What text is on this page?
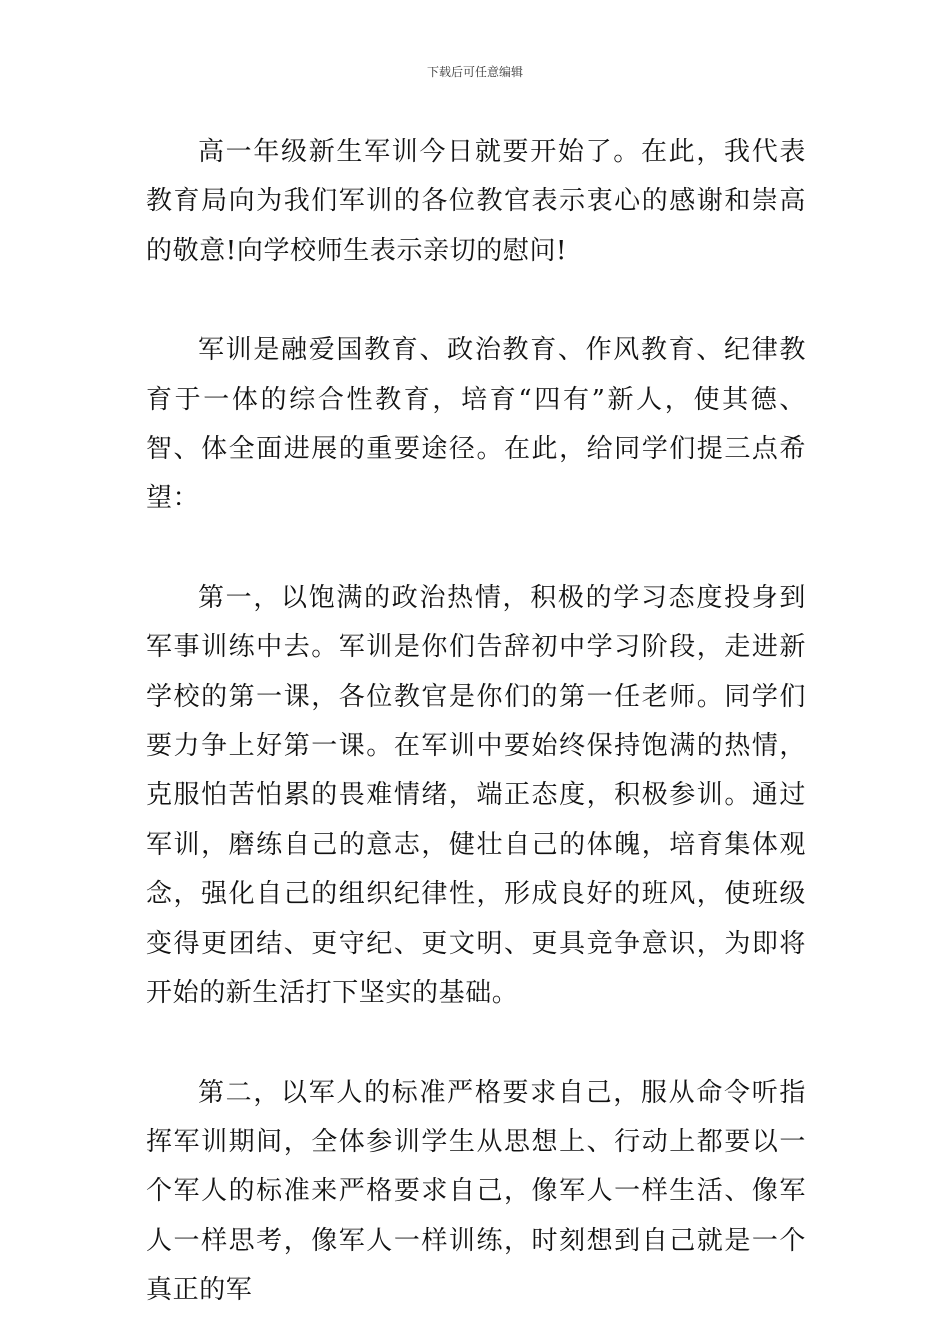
下载后可任意编辑

高一年级新生军训今日就要开始了。在此，我代表教育局向为我们军训的各位教官表示衷心的感谢和崇高的敬意!向学校师生表示亲切的慰问!

军训是融爱国教育、政治教育、作风教育、纪律教育于一体的综合性教育，培育“四有”新人，使其德、智、体全面进展的重要途径。在此，给同学们提三点希望：

第一，以饱满的政治热情，积极的学习态度投身到军事训练中去。军训是你们告辞初中学习阶段，走进新学校的第一课，各位教官是你们的第一任老师。同学们要力争上好第一课。在军训中要始终保持饱满的热情，克服怕苦怕累的畏难情绪，端正态度，积极参训。通过军训，磨练自己的意志，健壮自己的体魄，培育集体观念，强化自己的组织纪律性，形成良好的班风，使班级变得更团结、更守纪、更文明、更具竞争意识，为即将开始的新生活打下坚实的基础。

第二，以军人的标准严格要求自己，服从命令听指挥军训期间，全体参训学生从思想上、行动上都要以一个军人的标准来严格要求自己，像军人一样生活、像军人一样思考，像军人一样训练，时刻想到自己就是一个真正的军
